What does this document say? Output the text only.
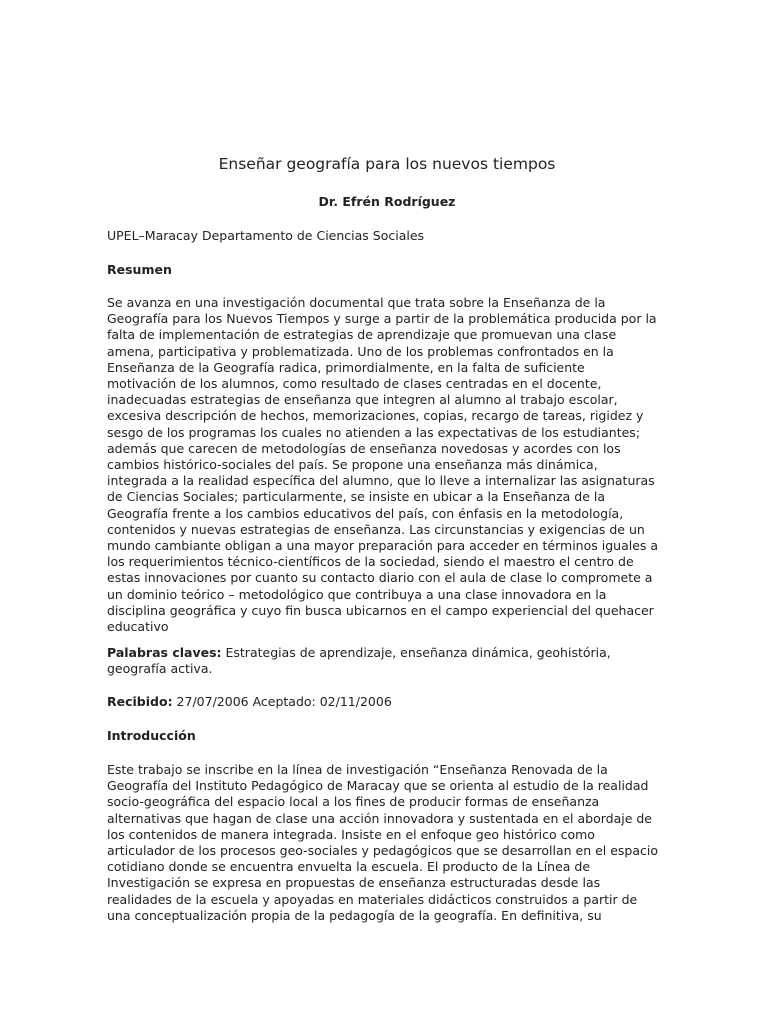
Enseñar geografía para los nuevos tiempos
Dr. Efrén Rodríguez
UPEL–Maracay Departamento de Ciencias Sociales
Resumen
Se avanza en una investigación documental que trata sobre la Enseñanza de la
Geografía para los Nuevos Tiempos y surge a partir de la problemática producida por la
falta de implementación de estrategias de aprendizaje que promuevan una clase
amena, participativa y problematizada. Uno de los problemas confrontados en la
Enseñanza de la Geografía radica, primordialmente, en la falta de suficiente
motivación de los alumnos, como resultado de clases centradas en el docente,
inadecuadas estrategias de enseñanza que integren al alumno al trabajo escolar,
excesiva descripción de hechos, memorizaciones, copias, recargo de tareas, rigidez y
sesgo de los programas los cuales no atienden a las expectativas de los estudiantes;
además que carecen de metodologías de enseñanza novedosas y acordes con los
cambios histórico-sociales del país. Se propone una enseñanza más dinámica,
integrada a la realidad específica del alumno, que lo lleve a internalizar las asignaturas
de Ciencias Sociales; particularmente, se insiste en ubicar a la Enseñanza de la
Geografía frente a los cambios educativos del país, con énfasis en la metodología,
contenidos y nuevas estrategias de enseñanza. Las circunstancias y exigencias de un
mundo cambiante obligan a una mayor preparación para acceder en términos iguales a
los requerimientos técnico-científicos de la sociedad, siendo el maestro el centro de
estas innovaciones por cuanto su contacto diario con el aula de clase lo compromete a
un dominio teórico – metodológico que contribuya a una clase innovadora en la
disciplina geográfica y cuyo fin busca ubicarnos en el campo experiencial del quehacer
educativo
Palabras claves: Estrategias de aprendizaje, enseñanza dinámica, geohistória, geografía activa.
Recibido: 27/07/2006 Aceptado: 02/11/2006
Introducción
Este trabajo se inscribe en la línea de investigación “Enseñanza Renovada de la
Geografía del Instituto Pedagógico de Maracay que se orienta al estudio de la realidad
socio-geográfica del espacio local a los fines de producir formas de enseñanza
alternativas que hagan de clase una acción innovadora y sustentada en el abordaje de
los contenidos de manera integrada. Insiste en el enfoque geo histórico como
articulador de los procesos geo-sociales y pedagógicos que se desarrollan en el espacio
cotidiano donde se encuentra envuelta la escuela. El producto de la Línea de
Investigación se expresa en propuestas de enseñanza estructuradas desde las
realidades de la escuela y apoyadas en materiales didácticos construidos a partir de
una conceptualización propia de la pedagogía de la geografía. En definitiva, su
